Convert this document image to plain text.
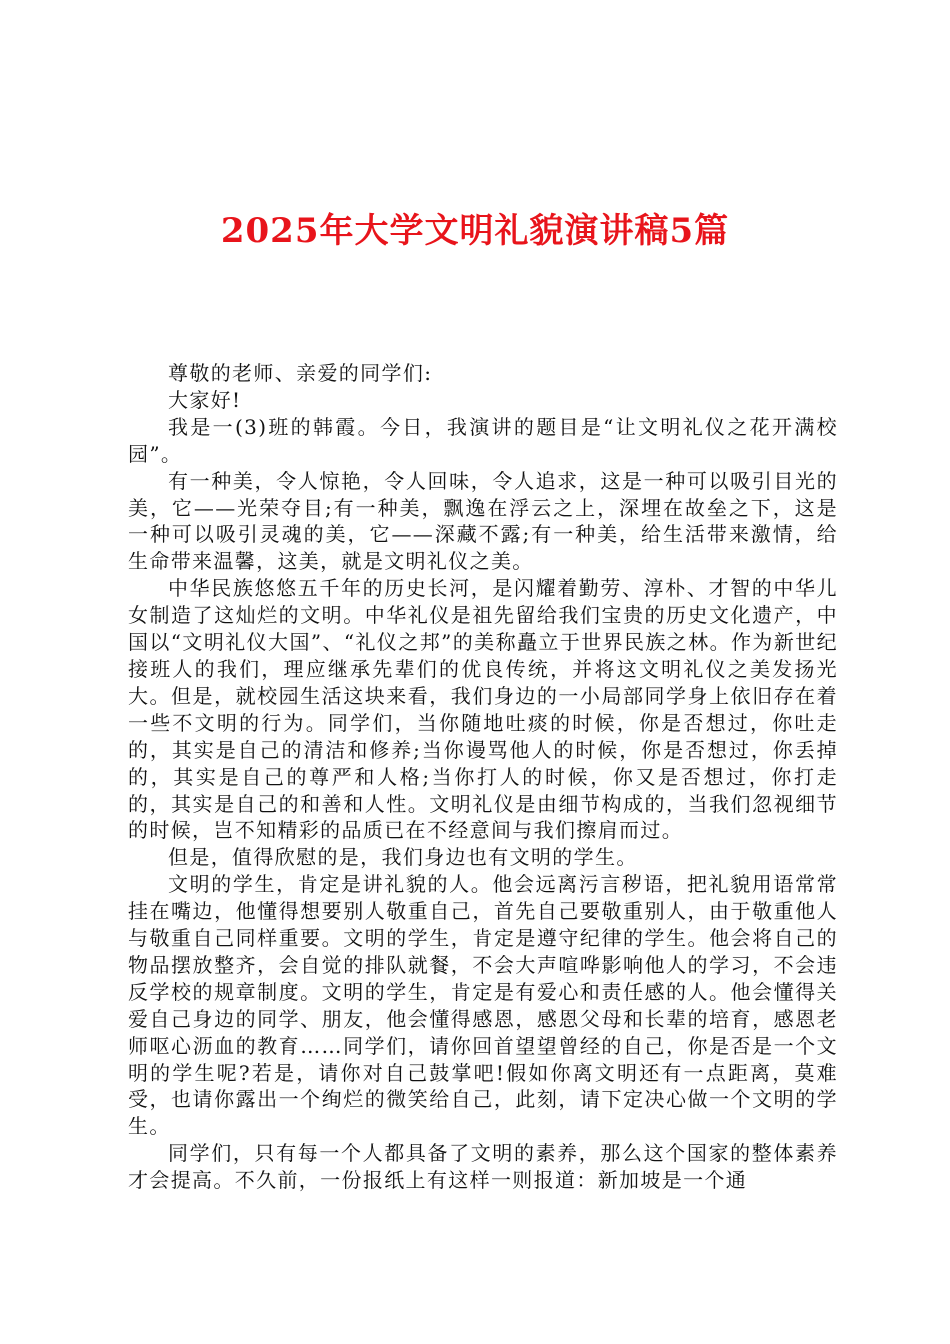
2025年大学文明礼貌演讲稿5篇

尊敬的老师、亲爱的同学们:

大家好!

我是一(3)班的韩霞。今日，我演讲的题目是“让文明礼仪之花开满校园”。

有一种美，令人惊艳，令人回味，令人追求，这是一种可以吸引目光的美，它——光荣夺目;有一种美，飘逸在浮云之上，深埋在故垒之下，这是一种可以吸引灵魂的美，它——深藏不露;有一种美，给生活带来激情，给生命带来温馨，这美，就是文明礼仪之美。

中华民族悠悠五千年的历史长河，是闪耀着勤劳、淳朴、才智的中华儿女制造了这灿烂的文明。中华礼仪是祖先留给我们宝贵的历史文化遗产，中国以“文明礼仪大国”、“礼仪之邦”的美称矗立于世界民族之林。作为新世纪接班人的我们，理应继承先辈们的优良传统，并将这文明礼仪之美发扬光大。但是，就校园生活这块来看，我们身边的一小局部同学身上依旧存在着一些不文明的行为。同学们，当你随地吐痰的时候，你是否想过，你吐走的，其实是自己的清洁和修养;当你谩骂他人的时候，你是否想过，你丢掉的，其实是自己的尊严和人格;当你打人的时候，你又是否想过，你打走的，其实是自己的和善和人性。文明礼仪是由细节构成的，当我们忽视细节的时候，岂不知精彩的品质已在不经意间与我们擦肩而过。

但是，值得欣慰的是，我们身边也有文明的学生。

文明的学生，肯定是讲礼貌的人。他会远离污言秽语，把礼貌用语常常挂在嘴边，他懂得想要别人敬重自己，首先自己要敬重别人，由于敬重他人与敬重自己同样重要。文明的学生，肯定是遵守纪律的学生。他会将自己的物品摆放整齐，会自觉的排队就餐，不会大声喧哗影响他人的学习，不会违反学校的规章制度。文明的学生，肯定是有爱心和责任感的人。他会懂得关爱自己身边的同学、朋友，他会懂得感恩，感恩父母和长辈的培育，感恩老师呕心沥血的教育……同学们，请你回首望望曾经的自己，你是否是一个文明的学生呢?若是，请你对自己鼓掌吧!假如你离文明还有一点距离，莫难受，也请你露出一个绚烂的微笑给自己，此刻，请下定决心做一个文明的学生。

同学们，只有每一个人都具备了文明的素养，那么这个国家的整体素养才会提高。不久前，一份报纸上有这样一则报道：新加坡是一个通
